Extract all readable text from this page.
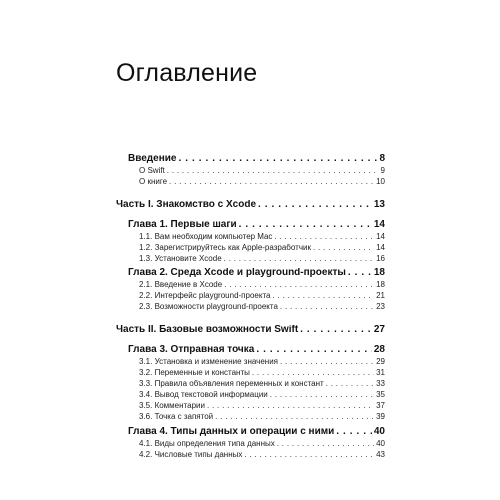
Оглавление
Введение . . .	8
О Swift . . .	9
О книге . . .	10
Часть I. Знакомство с Xcode . . .	13
Глава 1. Первые шаги . . .	14
1.1. Вам необходим компьютер Mac . . .	14
1.2. Зарегистрируйтесь как Apple-разработчик . . .	14
1.3. Установите Xcode . . .	16
Глава 2. Среда Xcode и playground-проекты . . .	18
2.1. Введение в Xcode . . .	18
2.2. Интерфейс playground-проекта . . .	21
2.3. Возможности playground-проекта . . .	23
Часть II. Базовые возможности Swift . . .	27
Глава 3. Отправная точка . . .	28
3.1. Установка и изменение значения . . .	29
3.2. Переменные и константы . . .	31
3.3. Правила объявления переменных и констант . . .	33
3.4. Вывод текстовой информации . . .	35
3.5. Комментарии . . .	37
3.6. Точка с запятой . . .	39
Глава 4. Типы данных и операции с ними . . .	40
4.1. Виды определения типа данных . . .	40
4.2. Числовые типы данных . . .	43
